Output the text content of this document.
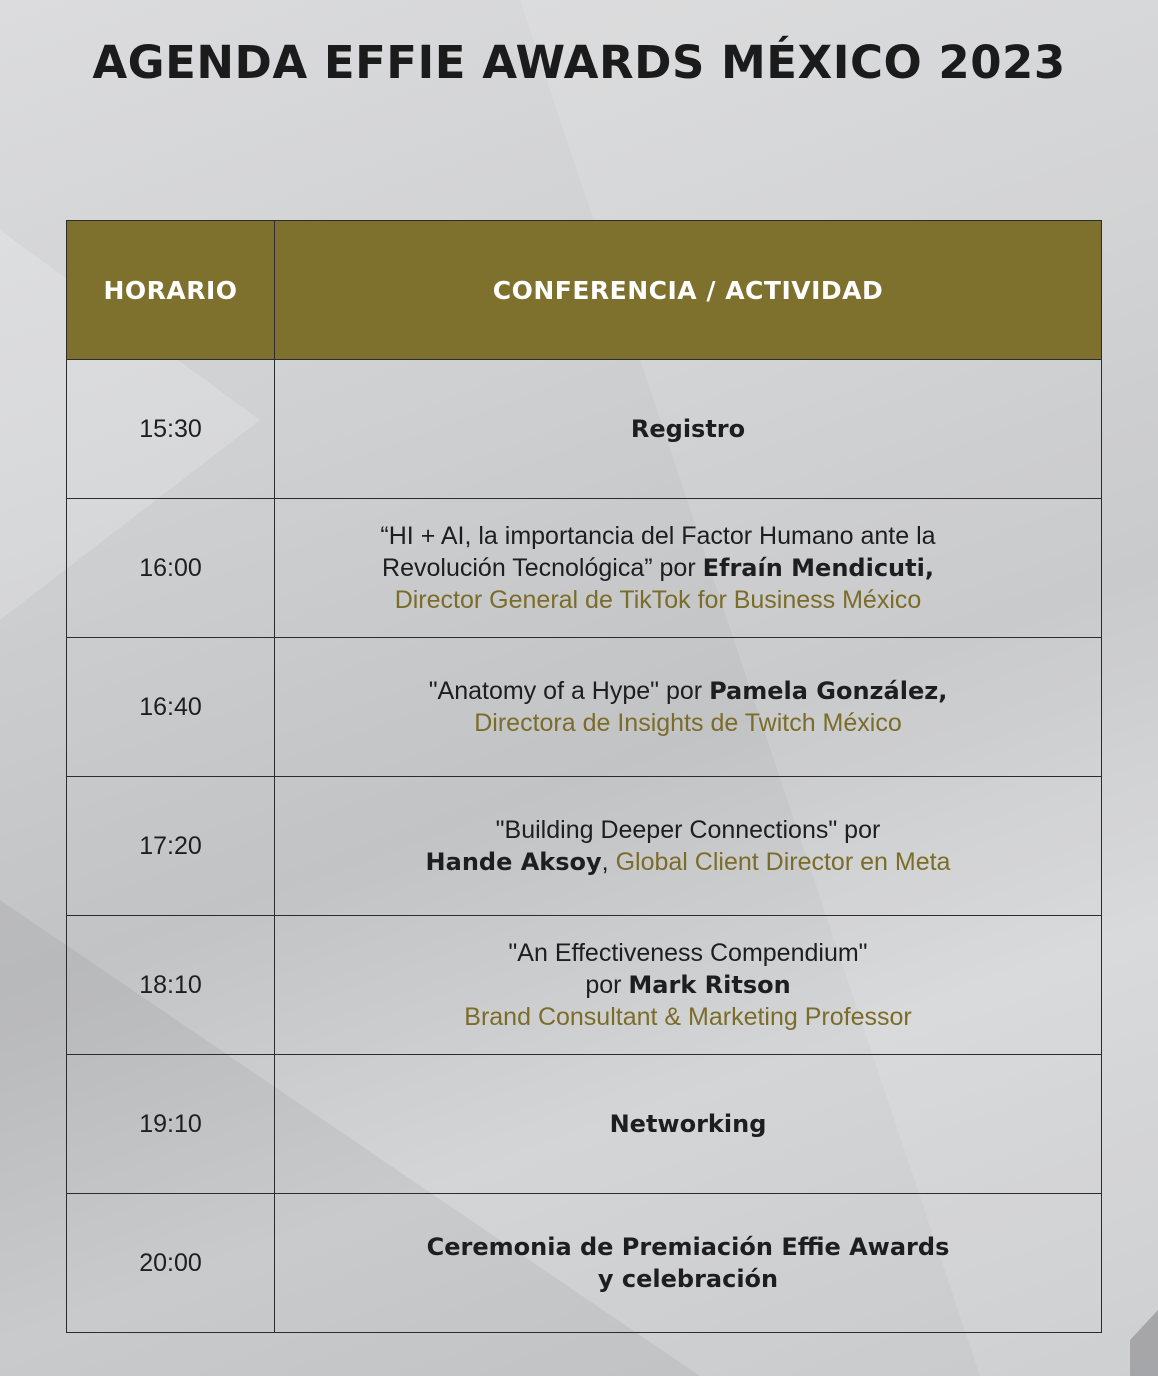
AGENDA EFFIE AWARDS MÉXICO 2023
HORARIO	CONFERENCIA / ACTIVIDAD
15:30	Registro
16:00	“HI + AI, la importancia del Factor Humano ante la Revolución Tecnológica” por Efraín Mendicuti,
Director General de TikTok for Business México
16:40	"Anatomy of a Hype" por Pamela González,
Directora de Insights de Twitch México
17:20	"Building Deeper Connections" por
Hande Aksoy, Global Client Director en Meta
18:10	"An Effectiveness Compendium"
por Mark Ritson
Brand Consultant & Marketing Professor
19:10	Networking
20:00	Ceremonia de Premiación Effie Awards
y celebración
